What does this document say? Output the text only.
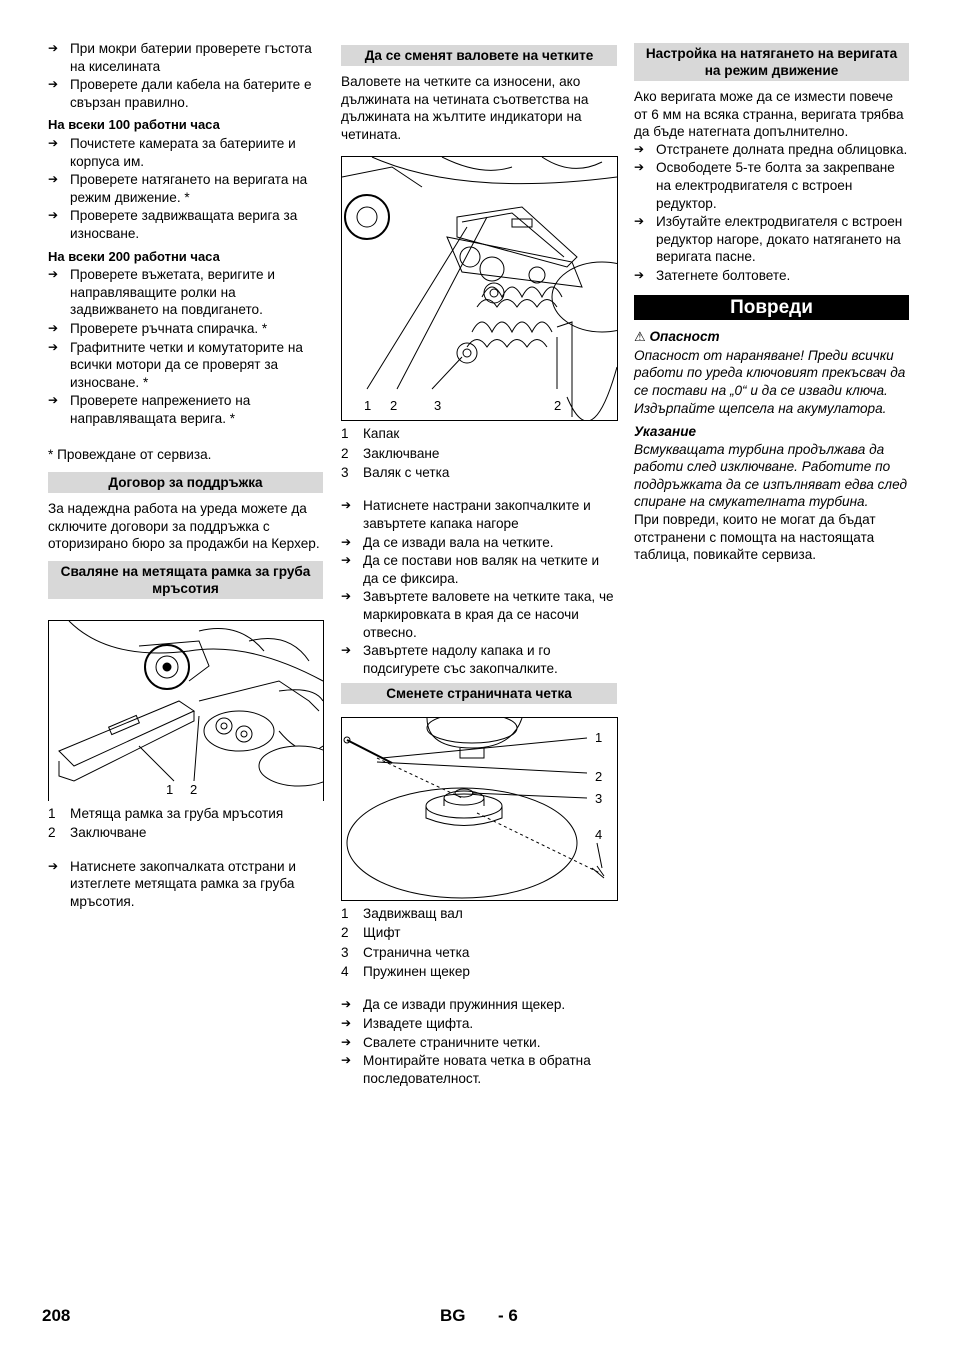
➔ При мокри батерии проверете гъстота на киселината
➔ Проверете дали кабела на батерите е свързан правилно.
На всеки 100 работни часа
➔ Почистете камерата за батериите и корпуса им.
➔ Проверете натягането на веригата на режим движение. *
➔ Проверете задвижващата верига за износване.
На всеки 200 работни часа
➔ Проверете въжетата, веригите и направляващите ролки на задвижването на повдигането.
➔ Проверете ръчната спирачка. *
➔ Графитните четки и комутаторите на всички мотори да се проверят за износване. *
➔ Проверете напрежението на направляващата верига. *

* Провеждане от сервиза.

Договор за поддръжка

За надеждна работа на уреда можете да сключите договори за поддръжка с оторизирано бюро за продажби на Керхер.

Сваляне на метящата рамка за груба мръсотия
1 2
1	Метяща рамка за груба мръсотия
2	Заключване
➔ Натиснете закопчалката отстрани и изтеглете метящата рамка за груба мръсотия.
Да се сменят валовете на четките

Валовете на четките са износени, ако дължината на четината съответства на дължината на жълтите индикатори на четината.

1 2	3	2
1	Капак
2	Заключване
3	Валяк с четка
➔ Натиснете настрани закопчалките и завъртете капака нагоре
➔ Да се извади вала на четките.
➔ Да се постави нов валяк на четките и да се фиксира.
➔ Завъртете валовете на четките така, че маркировката в края да се насочи отвесно.
➔ Завъртете надолу капака и го подсигурете със закопчалките.
Сменете страничната четка
1
2
3
4
1	Задвижващ вал
2	Щифт
3	Странична четка
4	Пружинен щекер
➔ Да се извади пружинния щекер.
➔ Извадете щифта.
➔ Свалете страничните четки.
➔ Монтирайте новата четка в обратна последователност.
Настройка на натягането на веригата на режим движение

Ако веригата може да се измести повече от 6 мм на всяка странна, веригата трябва да бъде натегната допълнително.

➔ Отстранете долната предна облицовка.
➔ Освободете 5-те болта за закрепване на електродвигателя с встроен редуктор.
➔ Избутайте електродвигателя с встроен редуктор нагоре, докато натягането на веригата пасне.
➔ Затегнете болтовете.
Повреди
⚠ Опасност

Опасност от нараняване! Преди всички работи по уреда ключовият прекъсвач да се постави на „0“ и да се извади ключа. Издърпайте щепсела на акумулатора.

Указание

Всмукващата турбина продължава да работи след изключване. Работите по поддръжката да се изпълняват едва след спиране на смукателната турбина.

При повреди, които не могат да бъдат отстранени с помощта на настоящата таблица, повикайте сервиза.

208	BG - 6
